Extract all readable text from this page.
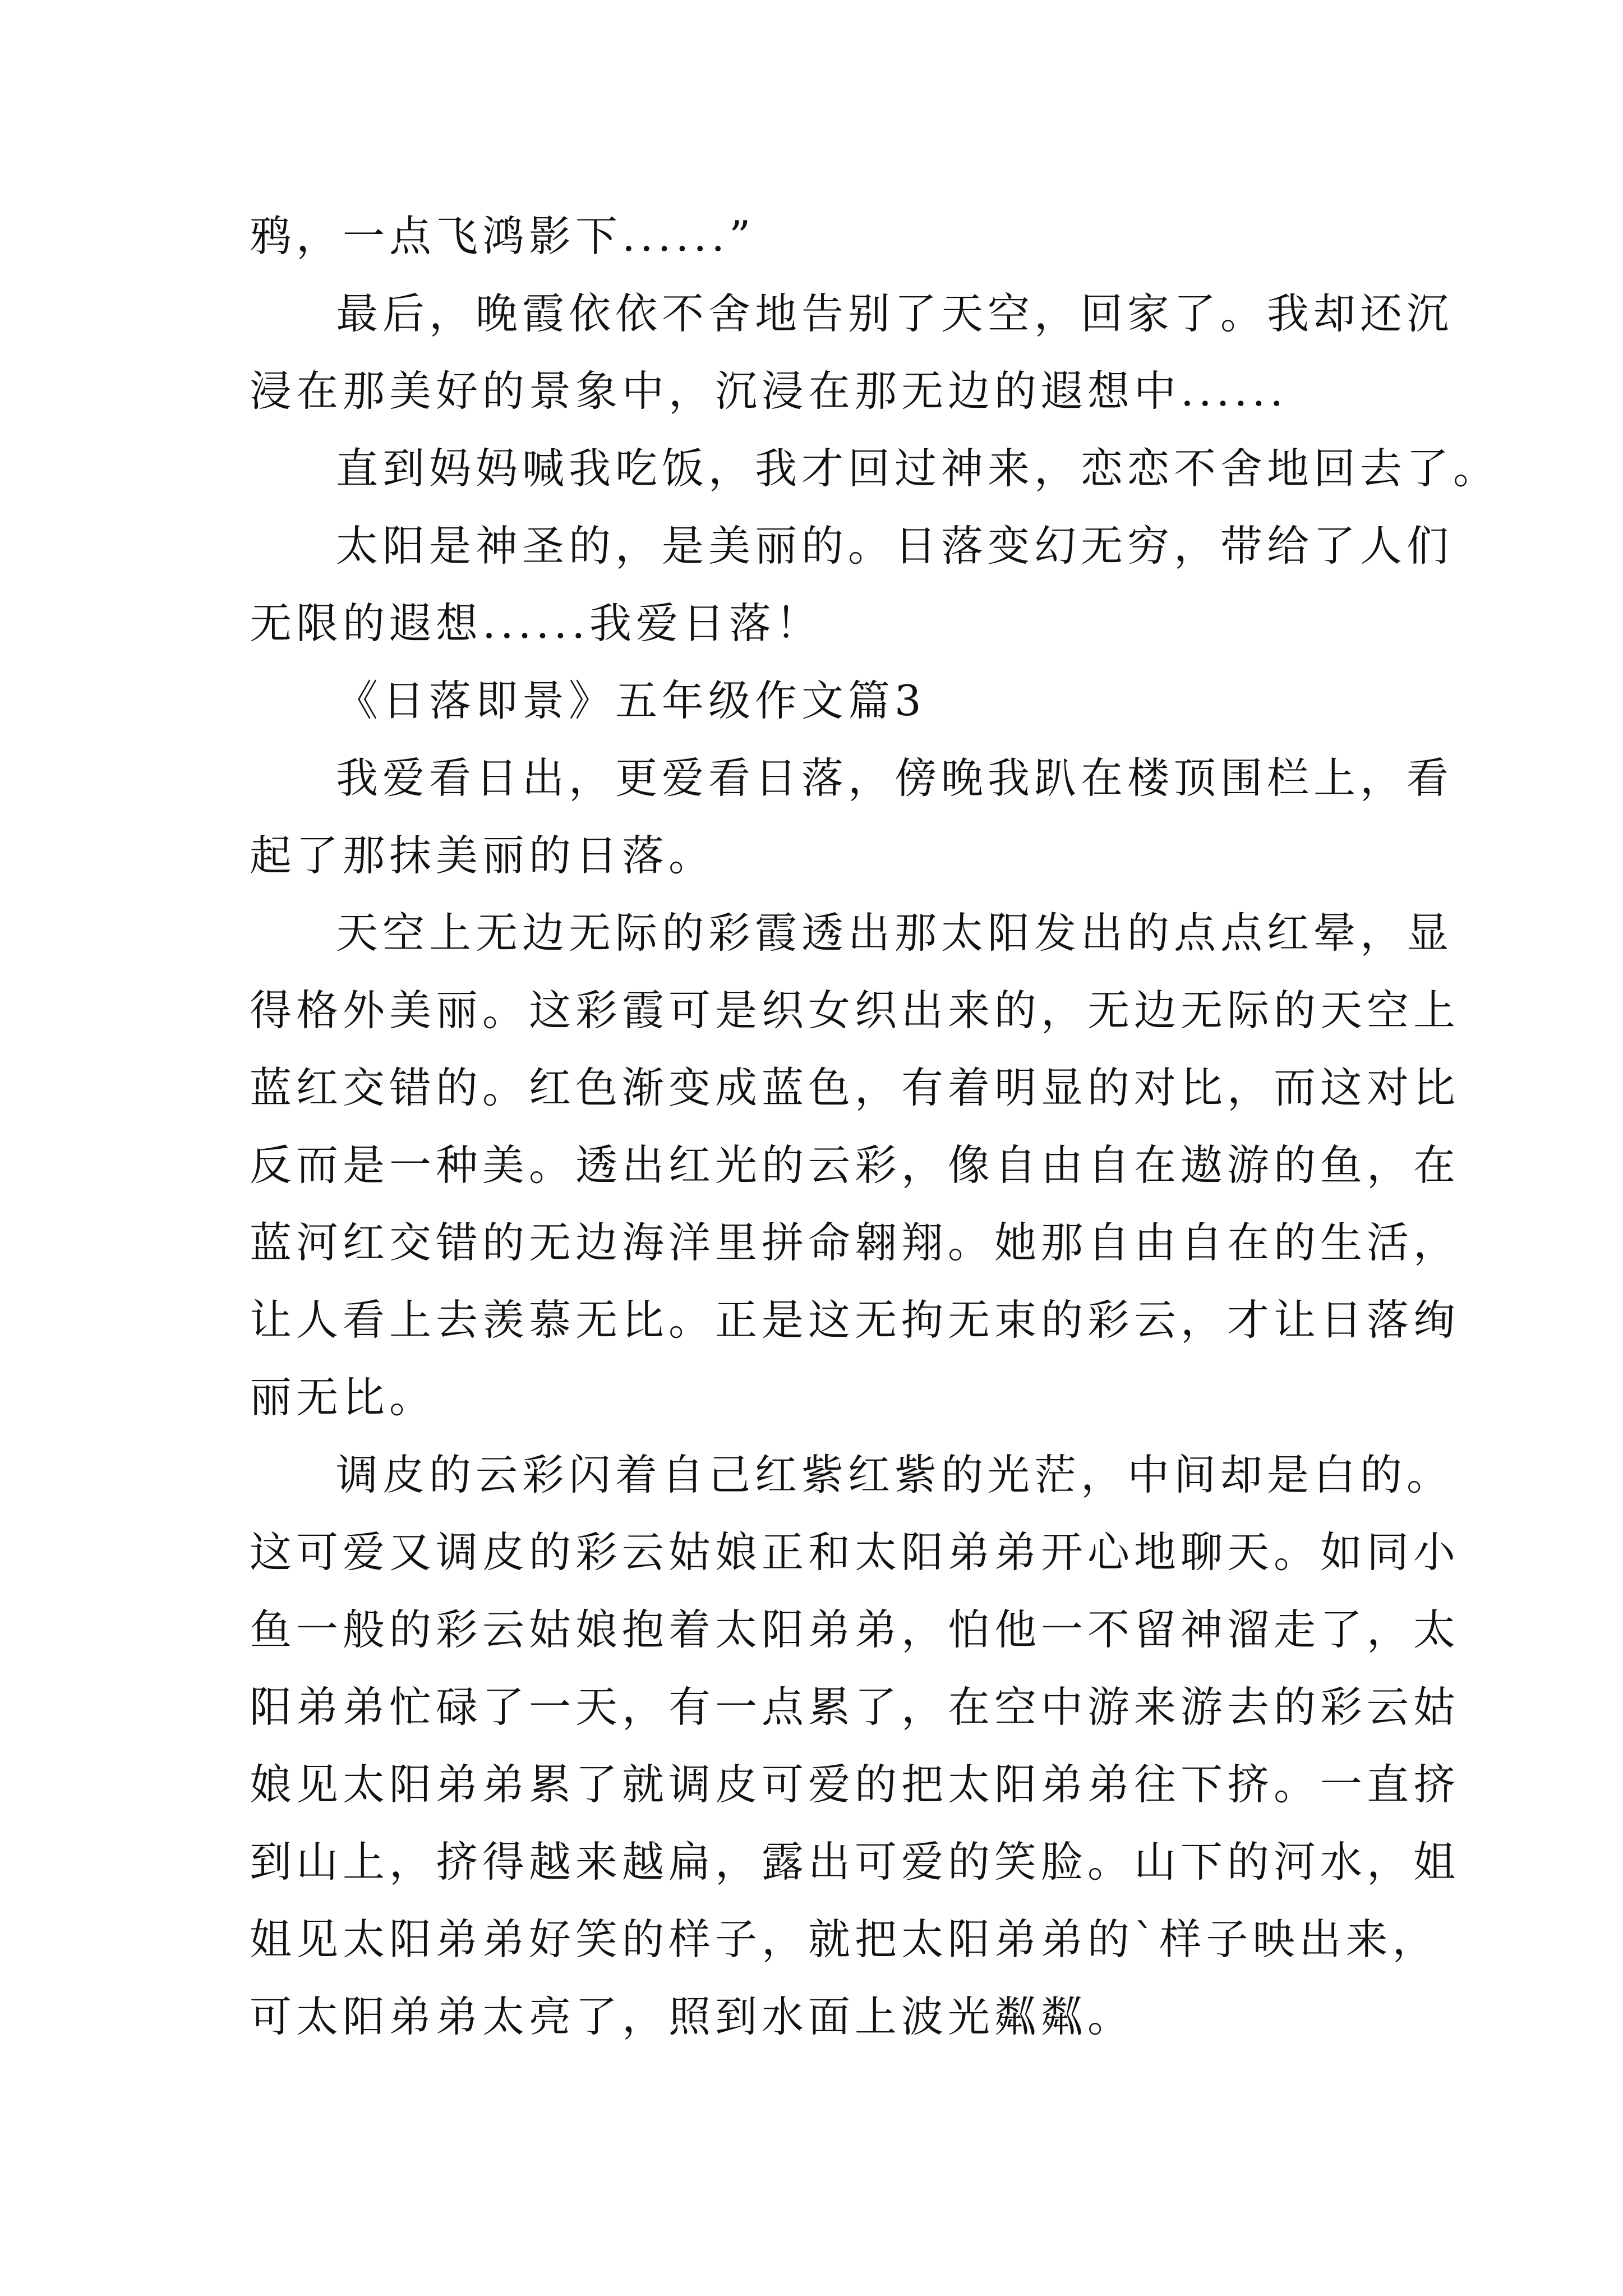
鸦，一点飞鸿影下......”
最后，晚霞依依不舍地告别了天空，回家了。我却还沉
浸在那美好的景象中，沉浸在那无边的遐想中......
直到妈妈喊我吃饭，我才回过神来，恋恋不舍地回去了。
太阳是神圣的，是美丽的。日落变幻无穷，带给了人们
无限的遐想......我爱日落！
《日落即景》五年级作文篇3
我爱看日出，更爱看日落，傍晚我趴在楼顶围栏上，看
起了那抹美丽的日落。
天空上无边无际的彩霞透出那太阳发出的点点红晕，显
得格外美丽。这彩霞可是织女织出来的，无边无际的天空上
蓝红交错的。红色渐变成蓝色，有着明显的对比，而这对比
反而是一种美。透出红光的云彩，像自由自在遨游的鱼，在
蓝河红交错的无边海洋里拼命翱翔。她那自由自在的生活，
让人看上去羡慕无比。正是这无拘无束的彩云，才让日落绚
丽无比。
调皮的云彩闪着自己红紫红紫的光茫，中间却是白的。
这可爱又调皮的彩云姑娘正和太阳弟弟开心地聊天。如同小
鱼一般的彩云姑娘抱着太阳弟弟，怕他一不留神溜走了，太
阳弟弟忙碌了一天，有一点累了，在空中游来游去的彩云姑
娘见太阳弟弟累了就调皮可爱的把太阳弟弟往下挤。一直挤
到山上，挤得越来越扁，露出可爱的笑脸。山下的河水，姐
姐见太阳弟弟好笑的样子，就把太阳弟弟的`样子映出来，
可太阳弟弟太亮了，照到水面上波光粼粼。
